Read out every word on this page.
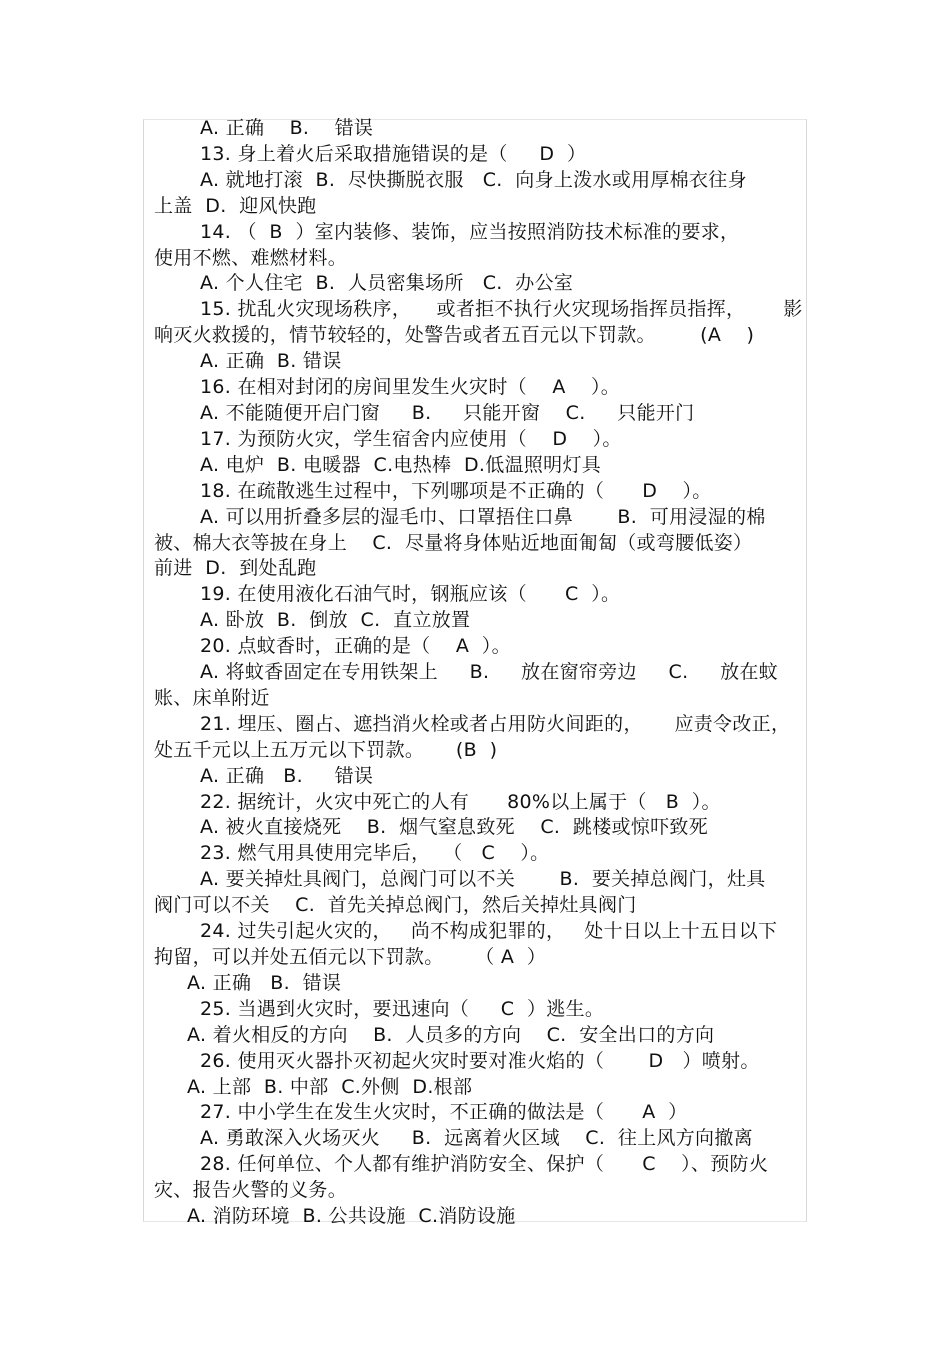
A. 正确    B.    错误

13. 身上着火后采取措施错误的是（     D  ）

A. 就地打滚  B.  尽快撕脱衣服   C.  向身上泼水或用厚棉衣往身

上盖  D.  迎风快跑

14. （  B  ）室内装修、装饰，应当按照消防技术标准的要求，

使用不燃、难燃材料。

A. 个人住宅  B.  人员密集场所   C.  办公室

15. 扰乱火灾现场秩序，    或者拒不执行火灾现场指挥员指挥，      影

响灭火救援的，情节较轻的，处警告或者五百元以下罚款。       (A    )

A. 正确  B. 错误

16. 在相对封闭的房间里发生火灾时（    A    ）。

A. 不能随便开启门窗     B.     只能开窗    C.     只能开门

17. 为预防火灾，学生宿舍内应使用（    D    ）。

A. 电炉  B. 电暖器  C.电热棒  D.低温照明灯具

18. 在疏散逃生过程中，下列哪项是不正确的（      D    ）。

A. 可以用折叠多层的湿毛巾、口罩捂住口鼻       B.  可用浸湿的棉

被、棉大衣等披在身上    C.  尽量将身体贴近地面匍匐（或弯腰低姿）

前进  D.  到处乱跑

19. 在使用液化石油气时，钢瓶应该（      C  ）。

A. 卧放  B.  倒放  C.  直立放置

20. 点蚊香时，正确的是（    A  ）。

A. 将蚊香固定在专用铁架上     B.     放在窗帘旁边     C.     放在蚊

账、床单附近

21. 埋压、圈占、遮挡消火栓或者占用防火间距的，     应责令改正，

处五千元以上五万元以下罚款。     (B  )

A. 正确   B.     错误

22. 据统计，火灾中死亡的人有      80%以上属于（   B  ）。

A. 被火直接烧死    B.  烟气窒息致死    C.  跳楼或惊吓致死

23. 燃气用具使用完毕后，  （   C    ）。

A. 要关掉灶具阀门，总阀门可以不关       B.  要关掉总阀门，灶具

阀门可以不关    C.  首先关掉总阀门，然后关掉灶具阀门

24. 过失引起火灾的，   尚不构成犯罪的，   处十日以上十五日以下

拘留，可以并处五佰元以下罚款。     （ A  ）

A. 正确   B.  错误

25. 当遇到火灾时，要迅速向（     C  ）逃生。

A. 着火相反的方向    B.  人员多的方向    C.  安全出口的方向

26. 使用灭火器扑灭初起火灾时要对准火焰的（       D   ）喷射。

A. 上部  B. 中部  C.外侧  D.根部

27. 中小学生在发生火灾时，不正确的做法是（      A  ）

A. 勇敢深入火场灭火     B.  远离着火区域    C.  往上风方向撤离

28. 任何单位、个人都有维护消防安全、保护（      C    ）、预防火

灾、报告火警的义务。

A. 消防环境  B. 公共设施  C.消防设施
